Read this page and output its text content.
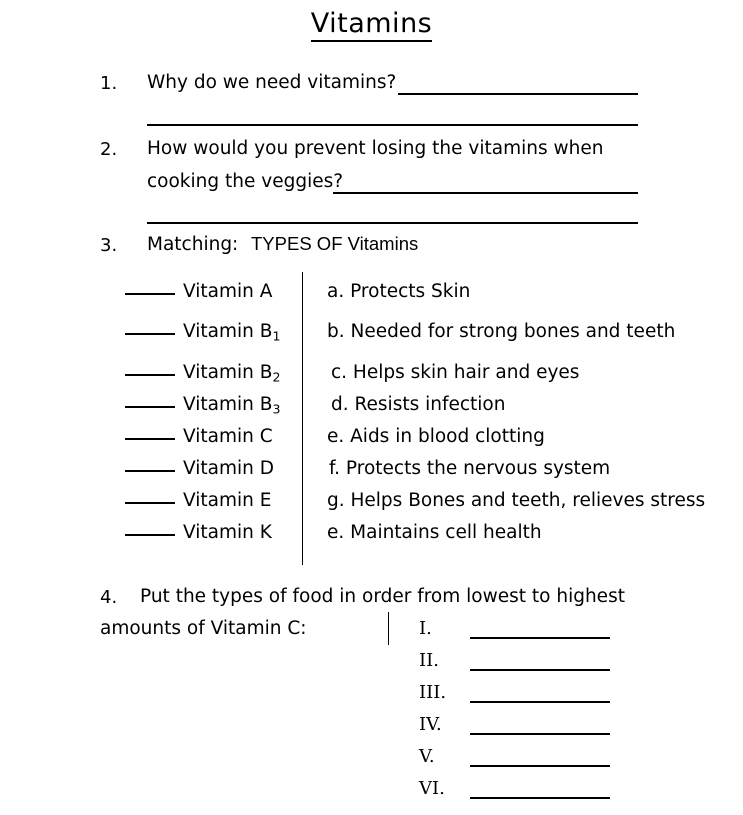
Vitamins
1. Why do we need vitamins?
2. How would you prevent losing the vitamins when
cooking the veggies?
3. Matching: TYPES OF Vitamins
Vitamin A
Vitamin $B_1$
Vitamin $B_2$
Vitamin $B_3$
Vitamin C
Vitamin D
Vitamin E
Vitamin K
a. Protects Skin
b. Needed for strong bones and teeth
c. Helps skin hair and eyes
d. Resists infection
e. Aids in blood clotting
f. Protects the nervous system
g. Helps Bones and teeth, relieves stress
e. Maintains cell health
4. Put the types of food in order from lowest to highest
amounts of Vitamin C:	I.
II.
III.
IV.
V.
VI.
